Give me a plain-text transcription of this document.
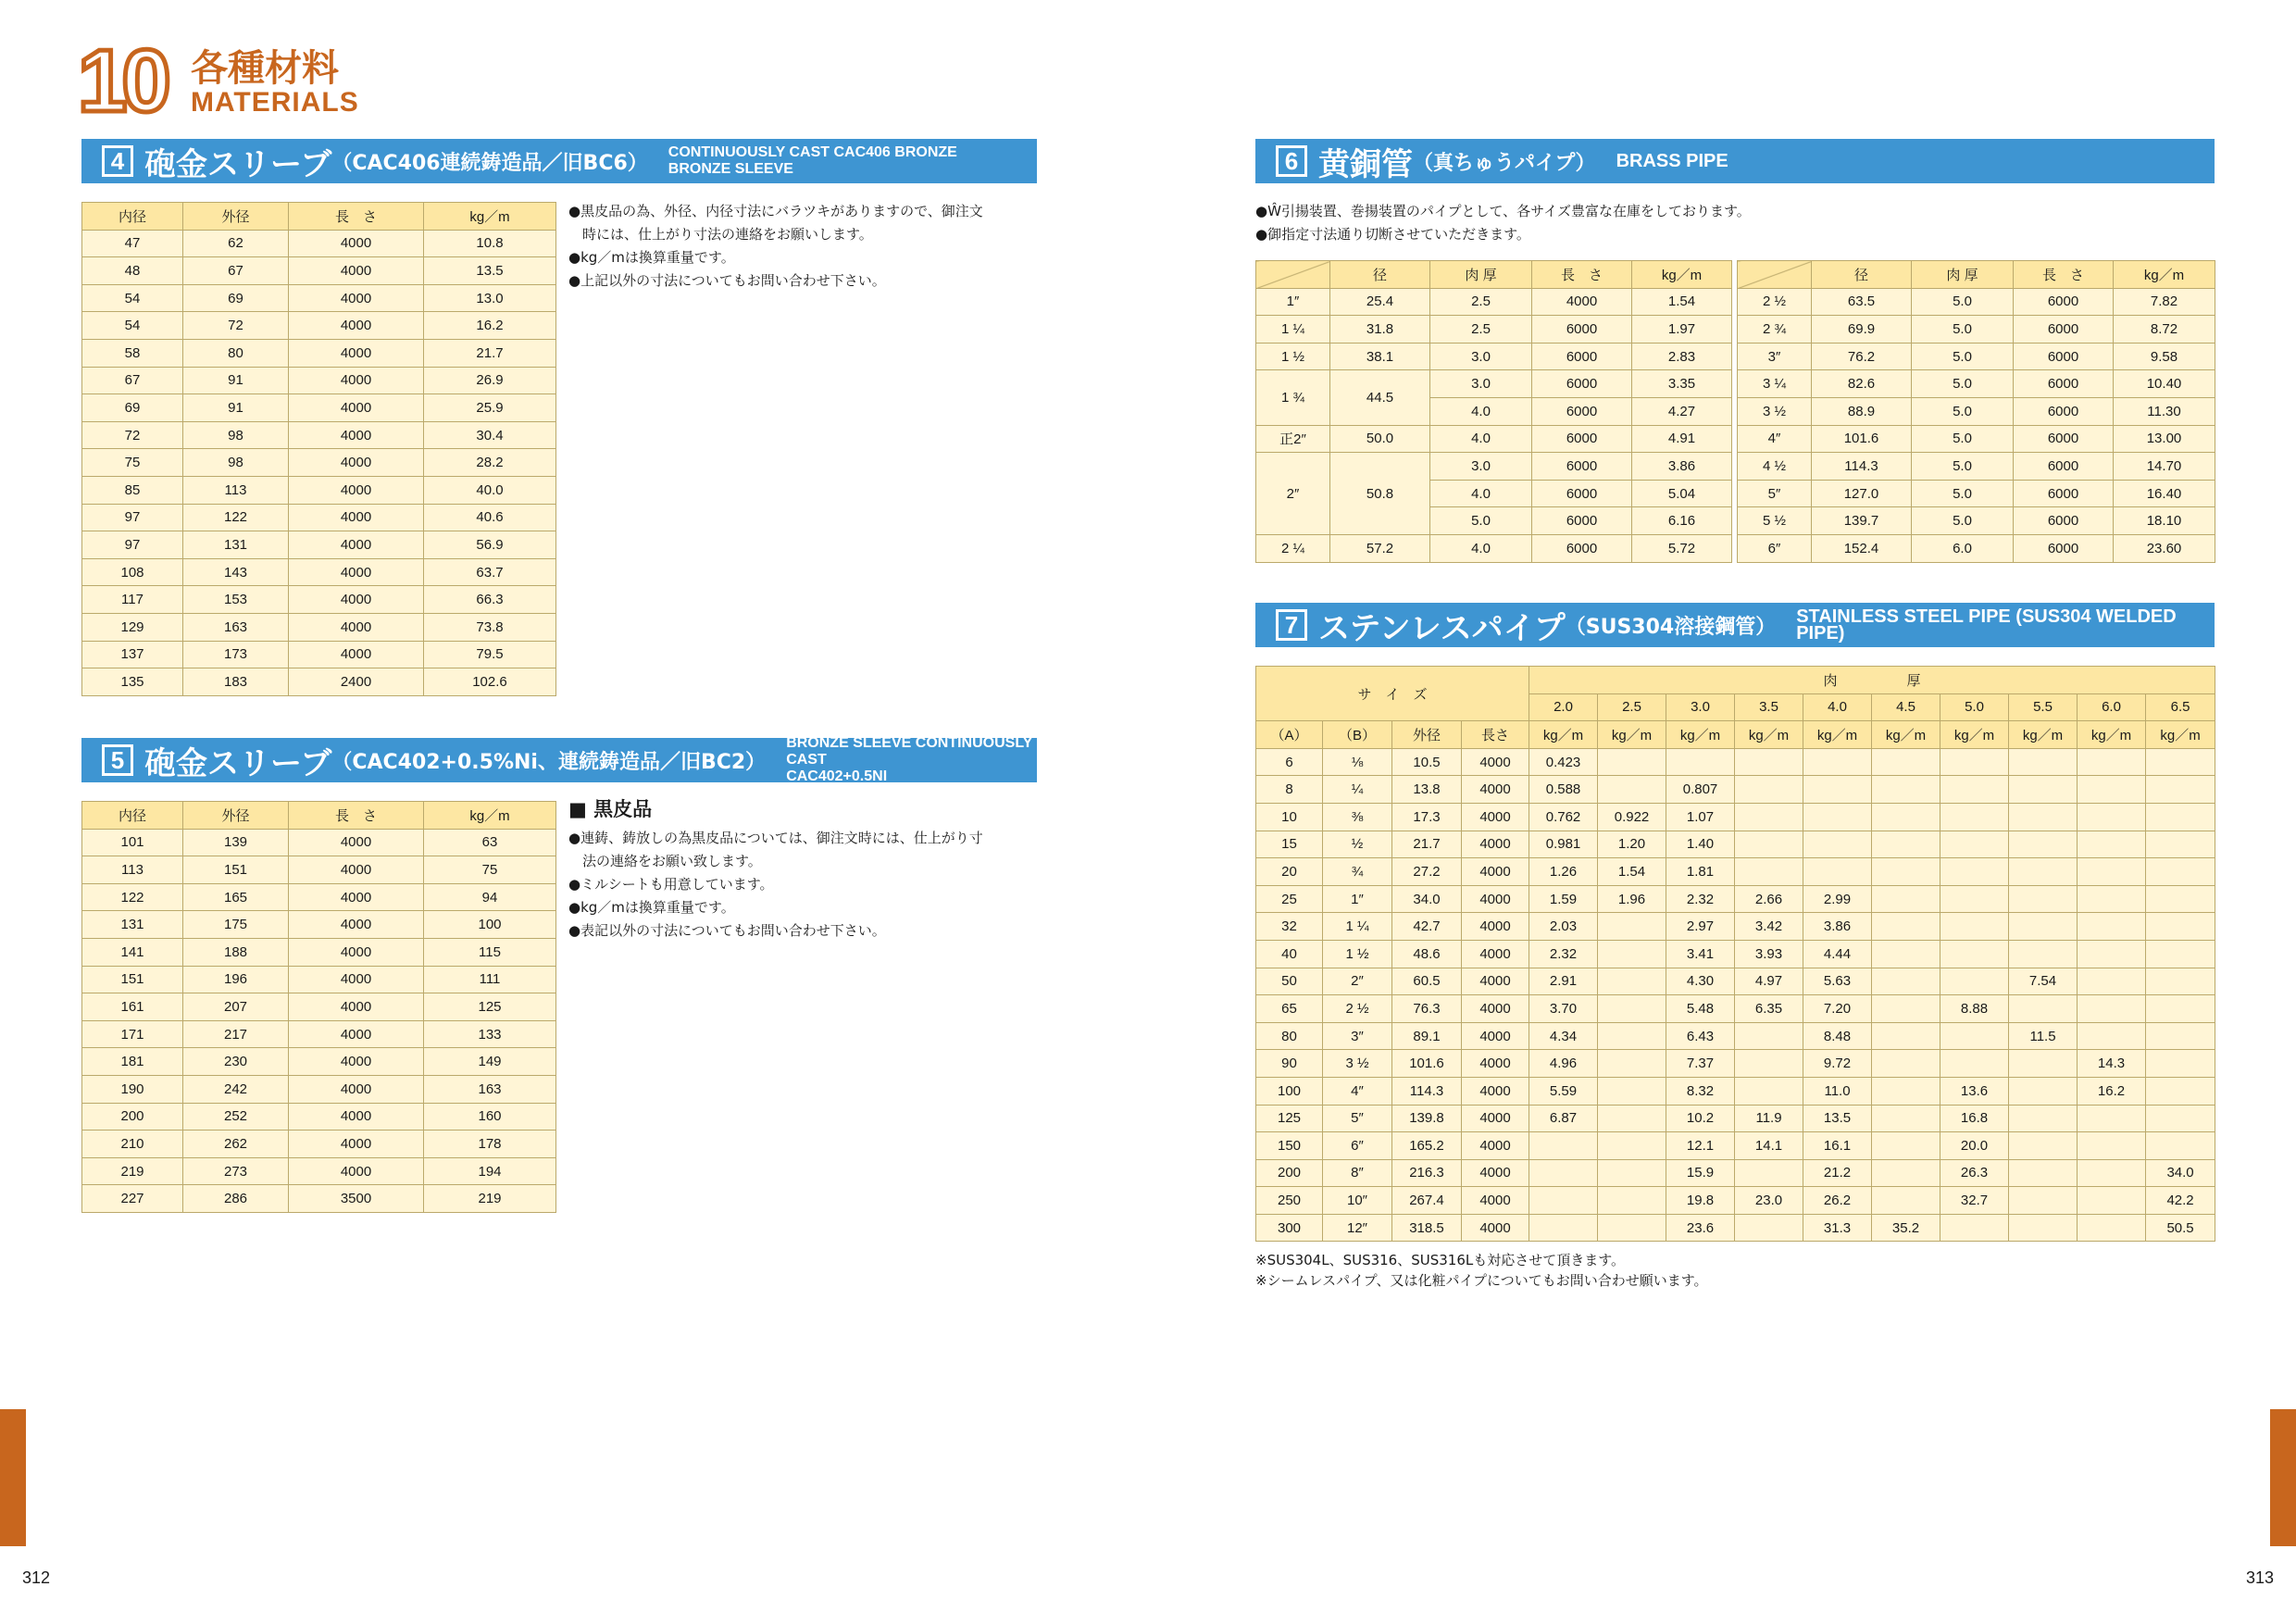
10 各種材料
MATERIALS
4 砲金スリーブ （CAC406連続鋳造品／旧BC6） CONTINUOUSLY CAST CAC406 BRONZE
BRONZE SLEEVE
内径	外径	長　さ	kg／m
47	62	4000	10.8
48	67	4000	13.5
54	69	4000	13.0
54	72	4000	16.2
58	80	4000	21.7
67	91	4000	26.9
69	91	4000	25.9
72	98	4000	30.4
75	98	4000	28.2
85	113	4000	40.0
97	122	4000	40.6
97	131	4000	56.9
108	143	4000	63.7
117	153	4000	66.3
129	163	4000	73.8
137	173	4000	79.5
135	183	2400	102.6

●黒皮品の為、外径、内径寸法にバラツキがありますので、御注文

　時には、仕上がり寸法の連絡をお願いします。

●kg／mは換算重量です。

●上記以外の寸法についてもお問い合わせ下さい。

5 砲金スリーブ （CAC402+0.5%Ni、連続鋳造品／旧BC2）
BRONZE SLEEVE CONTINUOUSLY CAST
CAC402+0.5NI
内径	外径	長　さ	kg／m
101	139	4000	63
113	151	4000	75
122	165	4000	94
131	175	4000	100
141	188	4000	115
151	196	4000	111
161	207	4000	125
171	217	4000	133
181	230	4000	149
190	242	4000	163
200	252	4000	160
210	262	4000	178
219	273	4000	194
227	286	3500	219

■ 黒皮品

●連鋳、鋳放しの為黒皮品については、御注文時には、仕上がり寸

　法の連絡をお願い致します。

●ミルシートも用意しています。

●kg／mは換算重量です。

●表記以外の寸法についてもお問い合わせ下さい。

6 黄銅管 （真ちゅうパイプ） BRASS PIPE

●Ŵ引揚装置、巻揚装置のパイプとして、各サイズ豊富な在庫をしております。

●御指定寸法通り切断させていただきます。

	径	肉 厚	長　さ	kg／m
1″	25.4	2.5	4000	1.54
1 ¼	31.8	2.5	6000	1.97
1 ½	38.1	3.0	6000	2.83
1 ¾	44.5	3.0	6000	3.35
		4.0	6000	4.27
正2″	50.0	4.0	6000	4.91
2″	50.8	3.0	6000	3.86
		4.0	6000	5.04
		5.0	6000	6.16
2 ¼	57.2	4.0	6000	5.72
	径	肉 厚	長　さ	kg／m
2 ½	63.5	5.0	6000	7.82
2 ¾	69.9	5.0	6000	8.72
3″	76.2	5.0	6000	9.58
3 ¼	82.6	5.0	6000	10.40
3 ½	88.9	5.0	6000	11.30
4″	101.6	5.0	6000	13.00
4 ½	114.3	5.0	6000	14.70
5″	127.0	5.0	6000	16.40
5 ½	139.7	5.0	6000	18.10
6″	152.4	6.0	6000	23.60
7 ステンレスパイプ （SUS304溶接鋼管） STAINLESS STEEL PIPE (SUS304 WELDED PIPE)
サ　イ　ズ				肉　　　　　厚									
				2.0	2.5	3.0	3.5	4.0	4.5	5.0	5.5	6.0	6.5
（A）	（B）	外径	長さ	kg／m	kg／m	kg／m	kg／m	kg／m	kg／m	kg／m	kg／m	kg／m	kg／m
6	⅛	10.5	4000	0.423									
8	¼	13.8	4000	0.588		0.807							
10	⅜	17.3	4000	0.762	0.922	1.07							
15	½	21.7	4000	0.981	1.20	1.40							
20	¾	27.2	4000	1.26	1.54	1.81							
25	1″	34.0	4000	1.59	1.96	2.32	2.66	2.99					
32	1 ¼	42.7	4000	2.03		2.97	3.42	3.86					
40	1 ½	48.6	4000	2.32		3.41	3.93	4.44					
50	2″	60.5	4000	2.91		4.30	4.97	5.63			7.54		
65	2 ½	76.3	4000	3.70		5.48	6.35	7.20		8.88			
80	3″	89.1	4000	4.34		6.43		8.48			11.5		
90	3 ½	101.6	4000	4.96		7.37		9.72				14.3	
100	4″	114.3	4000	5.59		8.32		11.0		13.6		16.2	
125	5″	139.8	4000	6.87		10.2	11.9	13.5		16.8			
150	6″	165.2	4000			12.1	14.1	16.1		20.0			
200	8″	216.3	4000			15.9		21.2		26.3			34.0
250	10″	267.4	4000			19.8	23.0	26.2		32.7			42.2
300	12″	318.5	4000			23.6		31.3	35.2				50.5

※SUS304L、SUS316、SUS316Lも対応させて頂きます。

※シームレスパイプ、又は化粧パイプについてもお問い合わせ願います。

312	313
